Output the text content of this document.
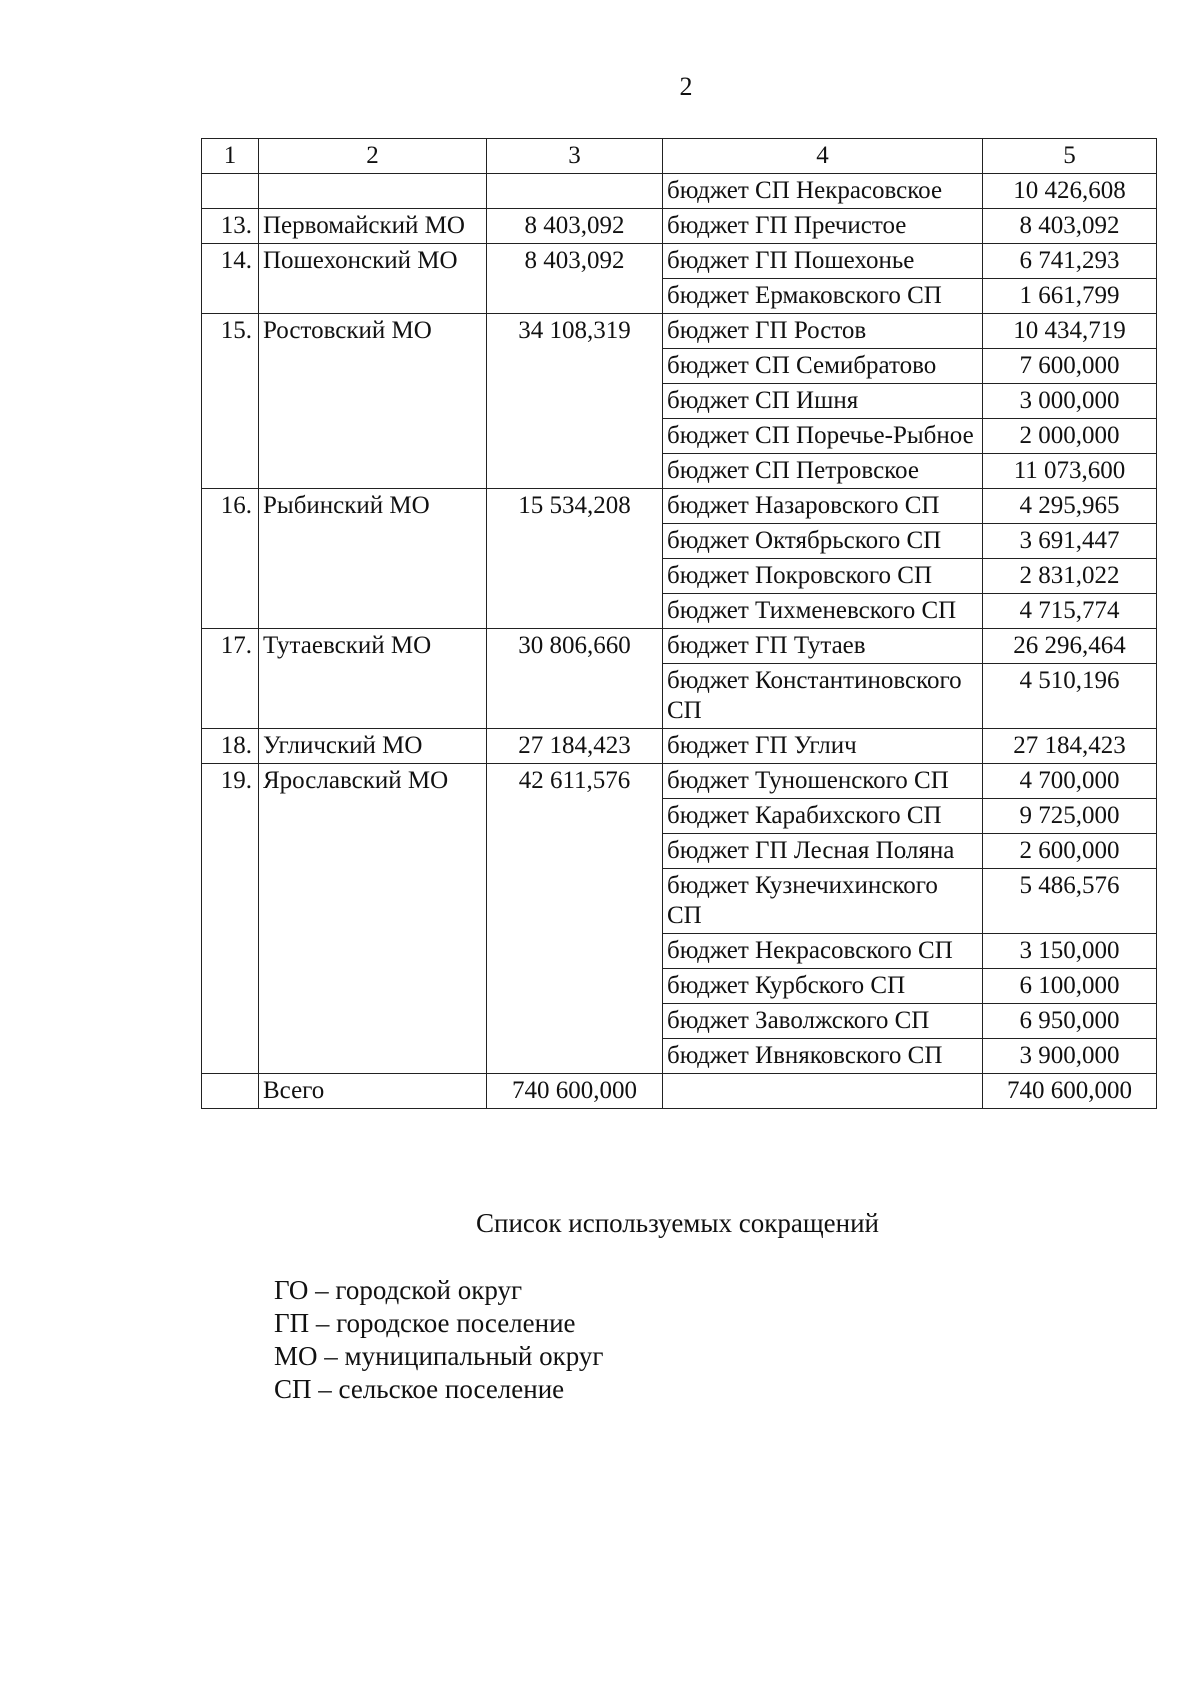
2
1	2	3	4	5
			бюджет СП Некрасовское	10 426,608
13.	Первомайский МО	8 403,092	бюджет ГП Пречистое	8 403,092
14.	Пошехонский МО	8 403,092	бюджет ГП Пошехонье	6 741,293
			бюджет Ермаковского СП	1 661,799
15.	Ростовский МО	34 108,319	бюджет ГП Ростов	10 434,719
			бюджет СП Семибратово	7 600,000
			бюджет СП Ишня	3 000,000
			бюджет СП Поречье-Рыбное	2 000,000
			бюджет СП Петровское	11 073,600
16.	Рыбинский МО	15 534,208	бюджет Назаровского СП	4 295,965
			бюджет Октябрьского СП	3 691,447
			бюджет Покровского СП	2 831,022
			бюджет Тихменевского СП	4 715,774
17.	Тутаевский МО	30 806,660	бюджет ГП Тутаев	26 296,464
			бюджет Константиновского СП	4 510,196
18.	Угличский МО	27 184,423	бюджет ГП Углич	27 184,423
19.	Ярославский МО	42 611,576	бюджет Туношенского СП	4 700,000
			бюджет Карабихского СП	9 725,000
			бюджет ГП Лесная Поляна	2 600,000
			бюджет Кузнечихинского СП	5 486,576
			бюджет Некрасовского СП	3 150,000
			бюджет Курбского СП	6 100,000
			бюджет Заволжского СП	6 950,000
			бюджет Ивняковского СП	3 900,000
	Всего	740 600,000		740 600,000
Список используемых сокращений
ГО – городской округ
ГП – городское поселение
МО – муниципальный округ
СП – сельское поселение
